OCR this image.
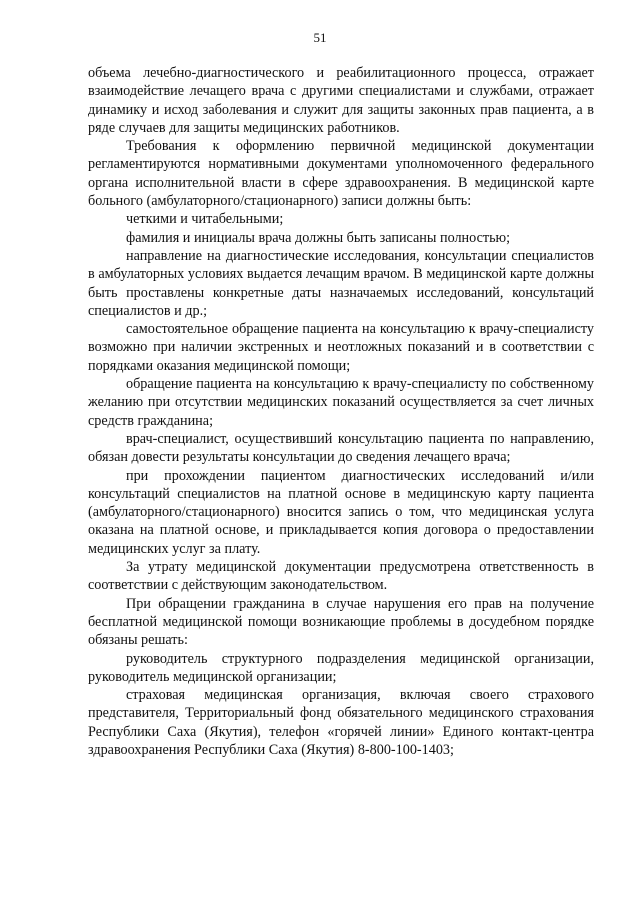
51

объема лечебно-диагностического и реабилитационного процесса, отражает взаимодействие лечащего врача с другими специалистами и службами, отражает динамику и исход заболевания и служит для защиты законных прав пациента, а в ряде случаев для защиты медицинских работников.

Требования к оформлению первичной медицинской документации регламентируются нормативными документами уполномоченного федерального органа исполнительной власти в сфере здравоохранения. В медицинской карте больного (амбулаторного/стационарного) записи должны быть:

четкими и читабельными;

фамилия и инициалы врача должны быть записаны полностью;

направление на диагностические исследования, консультации специалистов в амбулаторных условиях выдается лечащим врачом. В медицинской карте должны быть проставлены конкретные даты назначаемых исследований, консультаций специалистов и др.;

самостоятельное обращение пациента на консультацию к врачу-специалисту возможно при наличии экстренных и неотложных показаний и в соответствии с порядками оказания медицинской помощи;

обращение пациента на консультацию к врачу-специалисту по собственному желанию при отсутствии медицинских показаний осуществляется за счет личных средств гражданина;

врач-специалист, осуществивший консультацию пациента по направлению, обязан довести результаты консультации до сведения лечащего врача;

при прохождении пациентом диагностических исследований и/или консультаций специалистов на платной основе в медицинскую карту пациента (амбулаторного/стационарного) вносится запись о том, что медицинская услуга оказана на платной основе, и прикладывается копия договора о предоставлении медицинских услуг за плату.

За утрату медицинской документации предусмотрена ответственность в соответствии с действующим законодательством.

При обращении гражданина в случае нарушения его прав на получение бесплатной медицинской помощи возникающие проблемы в досудебном порядке обязаны решать:

руководитель структурного подразделения медицинской организации, руководитель медицинской организации;

страховая медицинская организация, включая своего страхового представителя, Территориальный фонд обязательного медицинского страхования Республики Саха (Якутия), телефон «горячей линии» Единого контакт-центра здравоохранения Республики Саха (Якутия) 8-800-100-1403;
